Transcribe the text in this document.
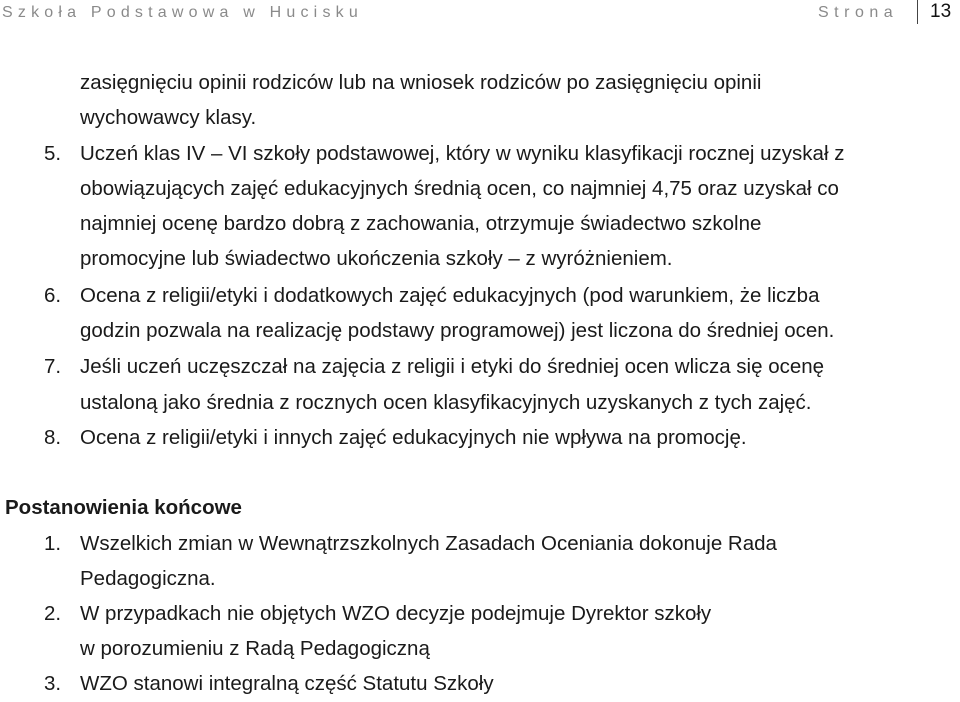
Szkoła Podstawowa w Hucisku	Strona 13
zasięgnięciu opinii rodziców lub na wniosek rodziców po zasięgnięciu opinii
wychowawcy klasy.
5. Uczeń klas IV – VI szkoły podstawowej, który w wyniku klasyfikacji rocznej uzyskał z
obowiązujących zajęć edukacyjnych średnią ocen, co najmniej 4,75 oraz uzyskał co
najmniej ocenę bardzo dobrą z zachowania, otrzymuje świadectwo szkolne
promocyjne lub świadectwo ukończenia szkoły – z wyróżnieniem.
6. Ocena z religii/etyki i dodatkowych zajęć edukacyjnych (pod warunkiem, że liczba
godzin pozwala na realizację podstawy programowej) jest liczona do średniej ocen.
7. Jeśli uczeń uczęszczał na zajęcia z religii i etyki do średniej ocen wlicza się ocenę
ustaloną jako średnia z rocznych ocen klasyfikacyjnych uzyskanych z tych zajęć.
8. Ocena z religii/etyki i innych zajęć edukacyjnych nie wpływa na promocję.
Postanowienia końcowe
1. Wszelkich zmian w Wewnątrzszkolnych Zasadach Oceniania dokonuje Rada
Pedagogiczna.
2. W przypadkach nie objętych WZO decyzje podejmuje Dyrektor szkoły
w porozumieniu z Radą Pedagogiczną
3. WZO stanowi integralną część Statutu Szkoły
